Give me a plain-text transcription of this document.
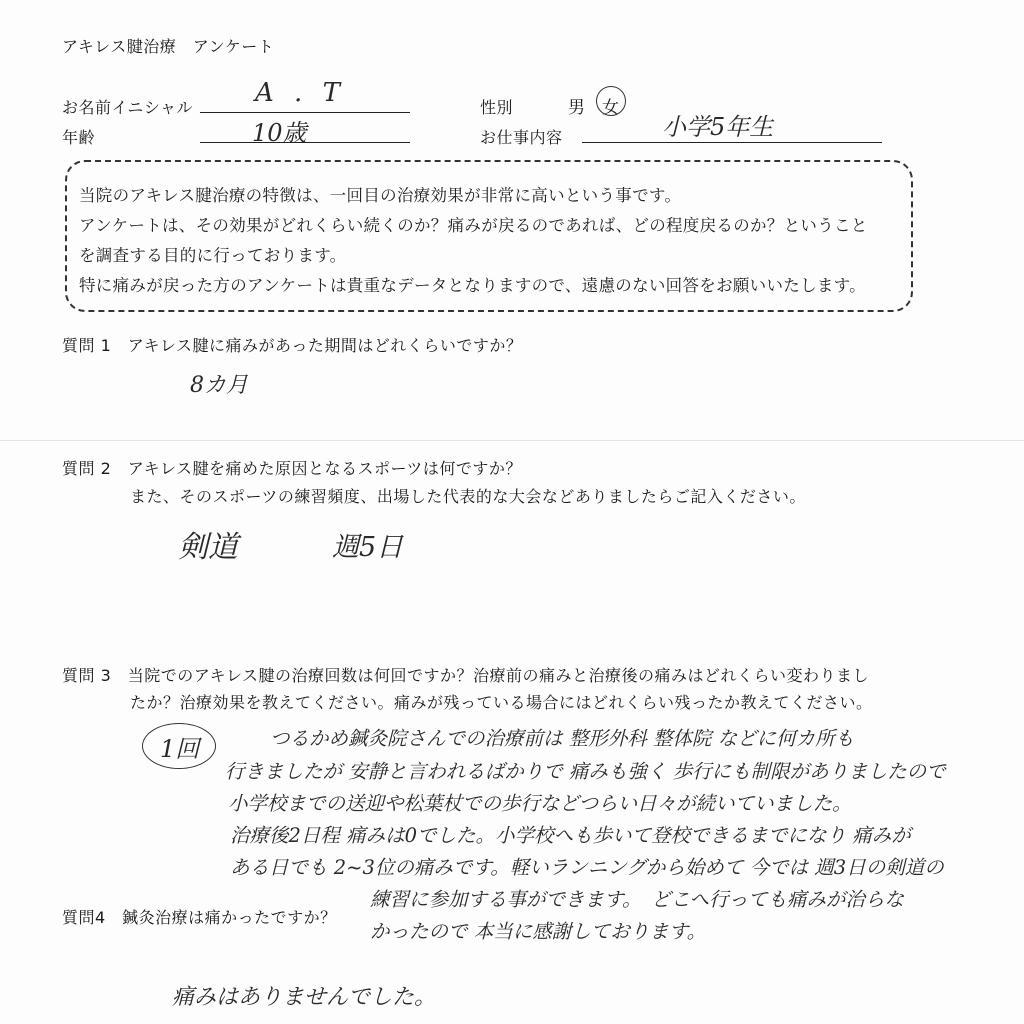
アキレス腱治療　アンケート
お名前イニシャル A . T
年齢	10歳
性別	男 女
お仕事内容	小学5年生
当院のアキレス腱治療の特徴は、一回目の治療効果が非常に高いという事です。
アンケートは、その効果がどれくらい続くのか？痛みが戻るのであれば、どの程度戻るのか？ということ
を調査する目的に行っております。
特に痛みが戻った方のアンケートは貴重なデータとなりますので、遠慮のない回答をお願いいたします。
質問 1　アキレス腱に痛みがあった期間はどれくらいですか？
8カ月
質問 2　アキレス腱を痛めた原因となるスポーツは何ですか？
また、そのスポーツの練習頻度、出場した代表的な大会などありましたらご記入ください。
剣道	週5日
質問 3　当院でのアキレス腱の治療回数は何回ですか？治療前の痛みと治療後の痛みはどれくらい変わりまし
たか？治療効果を教えてください。痛みが残っている場合にはどれくらい残ったか教えてください。
1回	つるかめ鍼灸院さんでの治療前は 整形外科 整体院 などに何カ所も
行きましたが 安静と言われるばかりで 痛みも強く 歩行にも制限がありましたので
小学校までの送迎や松葉杖での歩行などつらい日々が続いていました。
治療後2日程 痛みは0でした。小学校へも歩いて登校できるまでになり 痛みが
ある日でも 2~3位の痛みです。軽いランニングから始めて 今では 週3日の剣道の
練習に参加する事ができます。　どこへ行っても痛みが治らな
かったので 本当に感謝しております。
質問4　鍼灸治療は痛かったですか？
痛みはありませんでした。
